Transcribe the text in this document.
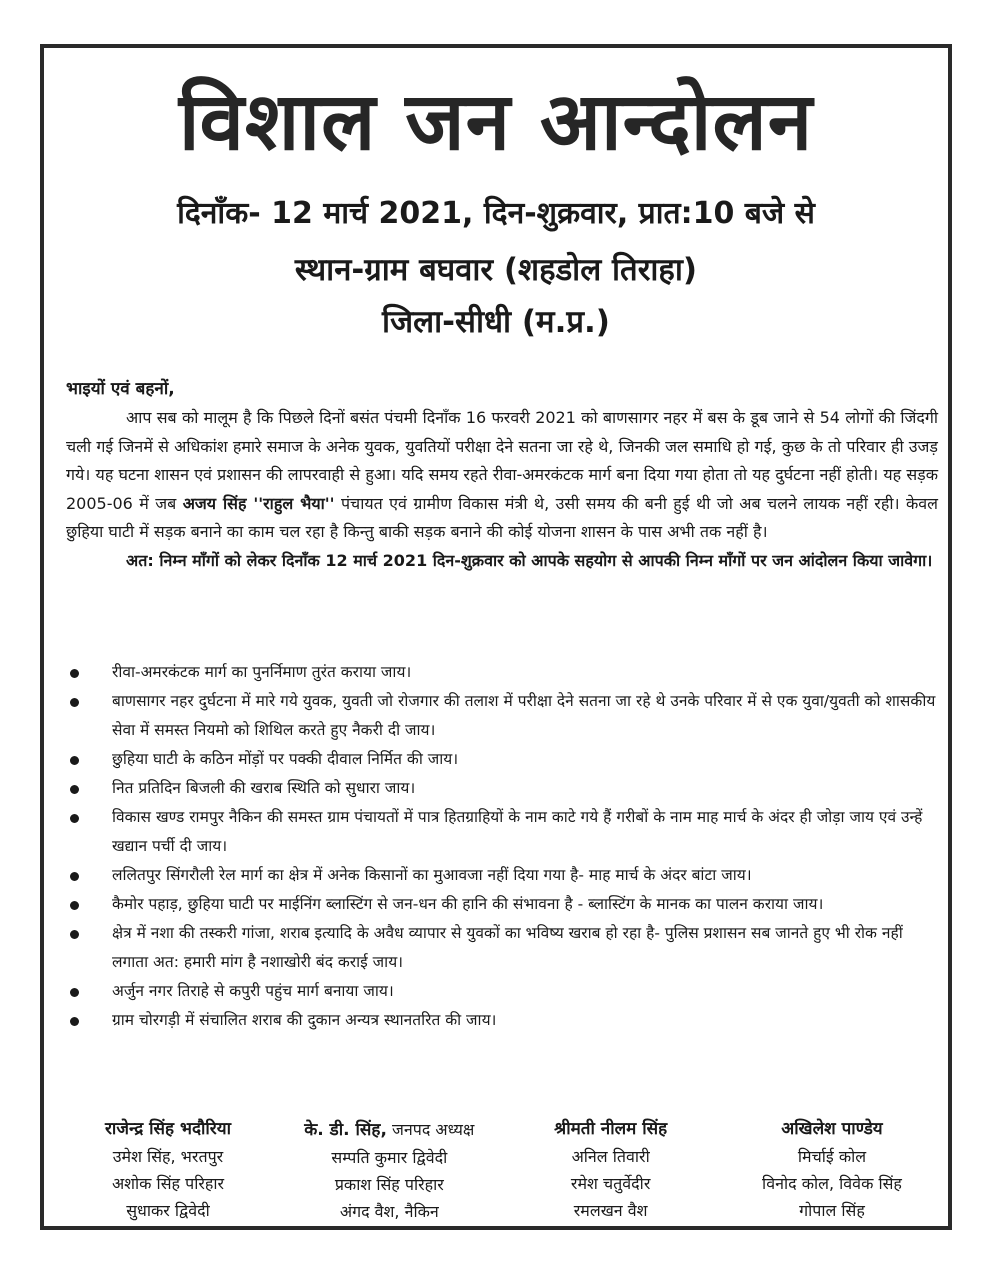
विशाल जन आन्दोलन
दिनाँक- 12 मार्च 2021, दिन-शुक्रवार, प्रात:10 बजे से
स्थान-ग्राम बघवार (शहडोल तिराहा)
जिला-सीधी (म.प्र.)
भाइयों एवं बहनों,

आप सब को मालूम है कि पिछले दिनों बसंत पंचमी दिनाँक 16 फरवरी 2021 को बाणसागर नहर में बस के डूब जाने से 54 लोगों की जिंदगी चली गई जिनमें से अधिकांश हमारे समाज के अनेक युवक, युवतियों परीक्षा देने सतना जा रहे थे, जिनकी जल समाधि हो गई, कुछ के तो परिवार ही उजड़ गये। यह घटना शासन एवं प्रशासन की लापरवाही से हुआ। यदि समय रहते रीवा-अमरकंटक मार्ग बना दिया गया होता तो यह दुर्घटना नहीं होती। यह सड़क 2005-06 में जब अजय सिंह ''राहुल भैया'' पंचायत एवं ग्रामीण विकास मंत्री थे, उसी समय की बनी हुई थी जो अब चलने लायक नहीं रही। केवल छुहिया घाटी में सड़क बनाने का काम चल रहा है किन्तु बाकी सड़क बनाने की कोई योजना शासन के पास अभी तक नहीं है।

अत: निम्न माँगों को लेकर दिनाँक 12 मार्च 2021 दिन-शुक्रवार को आपके सहयोग से आपकी निम्न माँगों पर जन आंदोलन किया जावेगा।

रीवा-अमरकंटक मार्ग का पुनर्निमाण तुरंत कराया जाय।
बाणसागर नहर दुर्घटना में मारे गये युवक, युवती जो रोजगार की तलाश में परीक्षा देने सतना जा रहे थे उनके परिवार में से एक युवा/युवती को शासकीय सेवा में समस्त नियमो को शिथिल करते हुए नैकरी दी जाय।
छुहिया घाटी के कठिन मोंड़ों पर पक्की दीवाल निर्मित की जाय।
नित प्रतिदिन बिजली की खराब स्थिति को सुधारा जाय।
विकास खण्ड रामपुर नैकिन की समस्त ग्राम पंचायतों में पात्र हितग्राहियों के नाम काटे गये हैं गरीबों के नाम माह मार्च के अंदर ही जोड़ा जाय एवं उन्हें खद्यान पर्ची दी जाय।
ललितपुर सिंगरौली रेल मार्ग का क्षेत्र में अनेक किसानों का मुआवजा नहीं दिया गया है- माह मार्च के अंदर बांटा जाय।
कैमोर पहाड़, छुहिया घाटी पर माईनिंग ब्लास्टिंग से जन-धन की हानि की संभावना है - ब्लास्टिंग के मानक का पालन कराया जाय।
क्षेत्र में नशा की तस्करी गांजा, शराब इत्यादि के अवैध व्यापार से युवकों का भविष्य खराब हो रहा है- पुलिस प्रशासन सब जानते हुए भी रोक नहीं लगाता अत: हमारी मांग है नशाखोरी बंद कराई जाय।
अर्जुन नगर तिराहे से कपुरी पहुंच मार्ग बनाया जाय।
ग्राम चोरगड़ी में संचालित शराब की दुकान अन्यत्र स्थानतरित की जाय।
राजेन्द्र सिंह भदौरिया
उमेश सिंह, भरतपुर
अशोक सिंह परिहार
सुधाकर द्विवेदी
के. डी. सिंह, जनपद अध्यक्ष
सम्पति कुमार द्विवेदी
प्रकाश सिंह परिहार
अंगद वैश, नैकिन
श्रीमती नीलम सिंह
अनिल तिवारी
रमेश चतुर्वेदीर
रमलखन वैश
अखिलेश पाण्डेय
मिर्चाई कोल
विनोद कोल, विवेक सिंह
गोपाल सिंह
